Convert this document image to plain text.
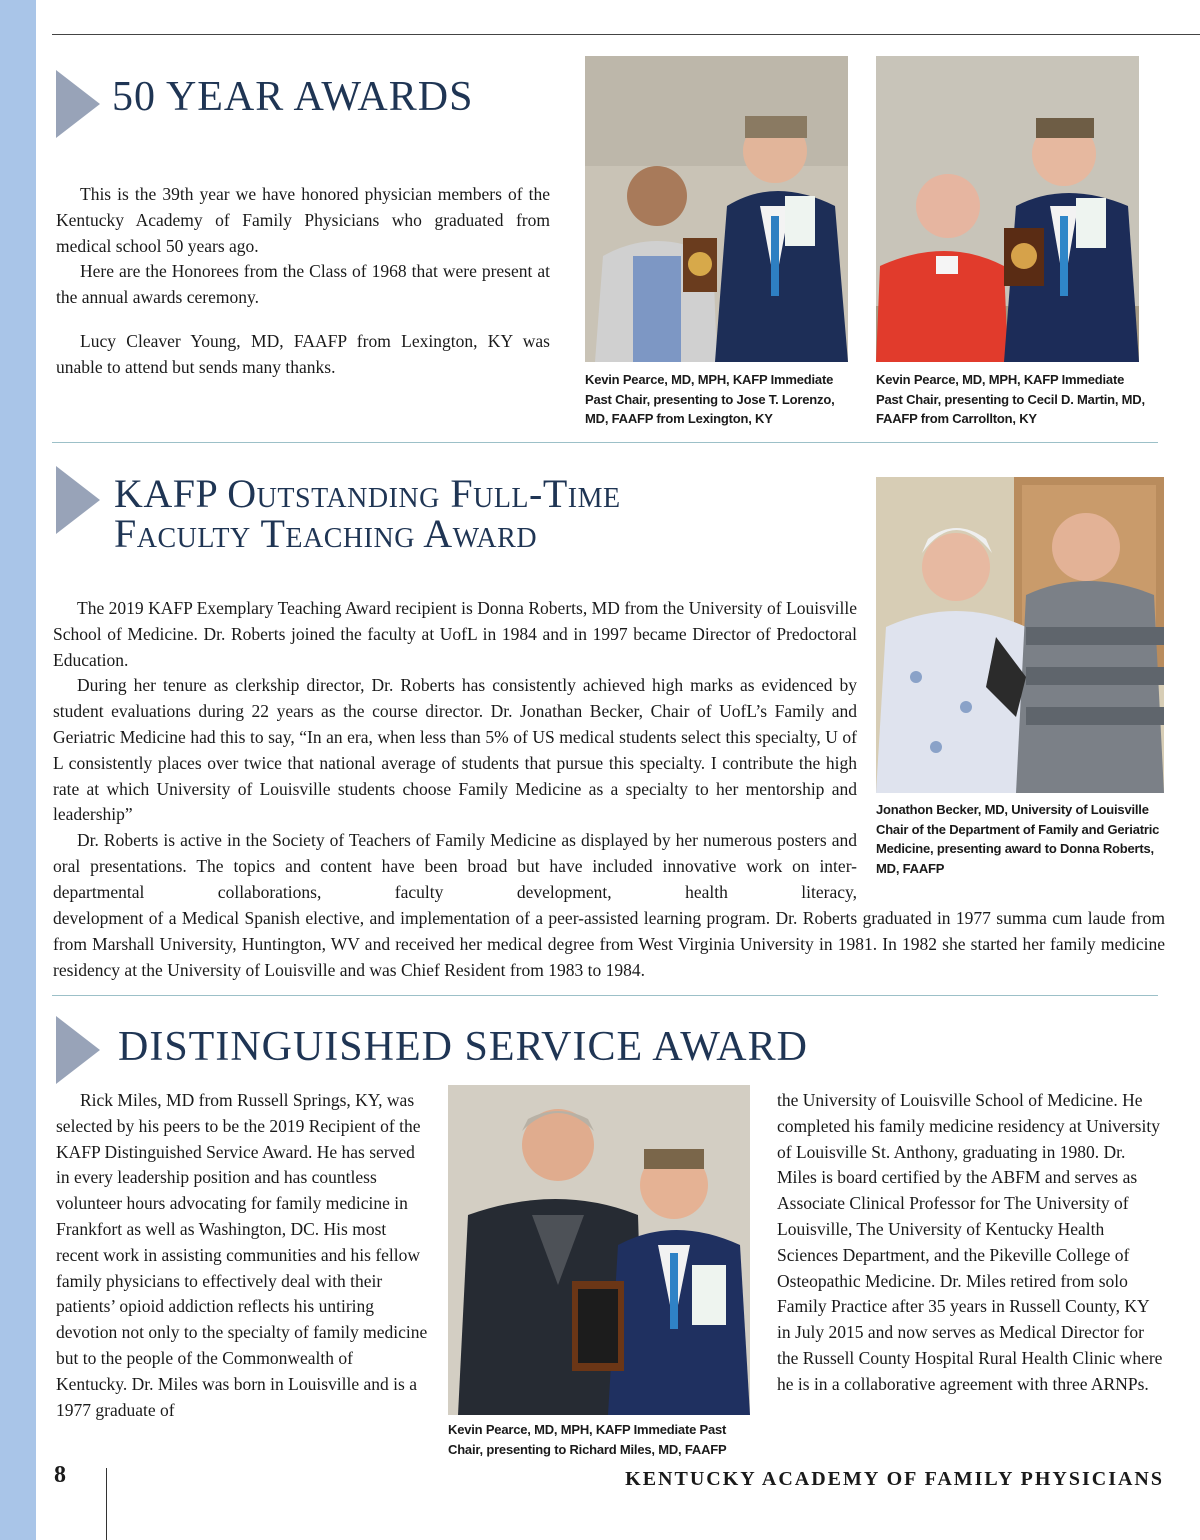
50 YEAR AWARDS

This is the 39th year we have honored physician members of the Kentucky Academy of Family Physicians who graduated from medical school 50 years ago.

Here are the Honorees from the Class of 1968 that were present at the annual awards ceremony.

Lucy Cleaver Young, MD, FAAFP from Lexington, KY was unable to attend but sends many thanks.

Kevin Pearce, MD, MPH, KAFP Immediate Past Chair, presenting to Jose T. Lorenzo, MD, FAAFP from Lexington, KY

Kevin Pearce, MD, MPH, KAFP Immediate Past Chair, presenting to Cecil D. Martin, MD, FAAFP from Carrollton, KY

KAFP Outstanding Full-Time
Faculty Teaching Award

The 2019 KAFP Exemplary Teaching Award recipient is Donna Roberts, MD from the University of Louisville School of Medicine. Dr. Roberts joined the faculty at UofL in 1984 and in 1997 became Director of Predoctoral Education.

During her tenure as clerkship director, Dr. Roberts has consistently achieved high marks as evidenced by student evaluations during 22 years as the course director. Dr. Jonathan Becker, Chair of UofL’s Family and Geriatric Medicine had this to say, “In an era, when less than 5% of US medical students select this specialty, U of L consistently places over twice that national average of students that pursue this specialty. I contribute the high rate at which University of Louisville students choose Family Medicine as a specialty to her mentorship and leadership”

Dr. Roberts is active in the Society of Teachers of Family Medicine as displayed by her numerous posters and oral presentations. The topics and content have been broad but have included innovative work on inter-departmental collaborations, faculty development, health literacy,

development of a Medical Spanish elective, and implementation of a peer-assisted learning program. Dr. Roberts graduated in 1977 summa cum laude from from Marshall University, Huntington, WV and received her medical degree from West Virginia University in 1981. In 1982 she started her family medicine residency at the University of Louisville and was Chief Resident from 1983 to 1984.

Jonathon Becker, MD, University of Louisville Chair of the Department of Family and Geriatric Medicine, presenting award to Donna Roberts, MD, FAAFP

DISTINGUISHED SERVICE AWARD

Rick Miles, MD from Russell Springs, KY, was selected by his peers to be the 2019 Recipient of the KAFP Distinguished Service Award. He has served in every leadership position and has countless volunteer hours advocating for family medicine in Frankfort as well as Washington, DC. His most recent work in assisting communities and his fellow family physicians to effectively deal with their patients’ opioid addiction reflects his untiring devotion not only to the specialty of family medicine but to the people of the Commonwealth of Kentucky. Dr. Miles was born in Louisville and is a 1977 graduate of

the University of Louisville School of Medicine. He completed his family medicine residency at University of Louisville St. Anthony, graduating in 1980. Dr. Miles is board certified by the ABFM and serves as Associate Clinical Professor for The University of Louisville, The University of Kentucky Health Sciences Department, and the Pikeville College of Osteopathic Medicine. Dr. Miles retired from solo Family Practice after 35 years in Russell County, KY in July 2015 and now serves as Medical Director for the Russell County Hospital Rural Health Clinic where he is in a collaborative agreement with three ARNPs.

Kevin Pearce, MD, MPH, KAFP Immediate Past Chair, presenting to Richard Miles, MD, FAAFP

8	KENTUCKY ACADEMY OF FAMILY PHYSICIANS
